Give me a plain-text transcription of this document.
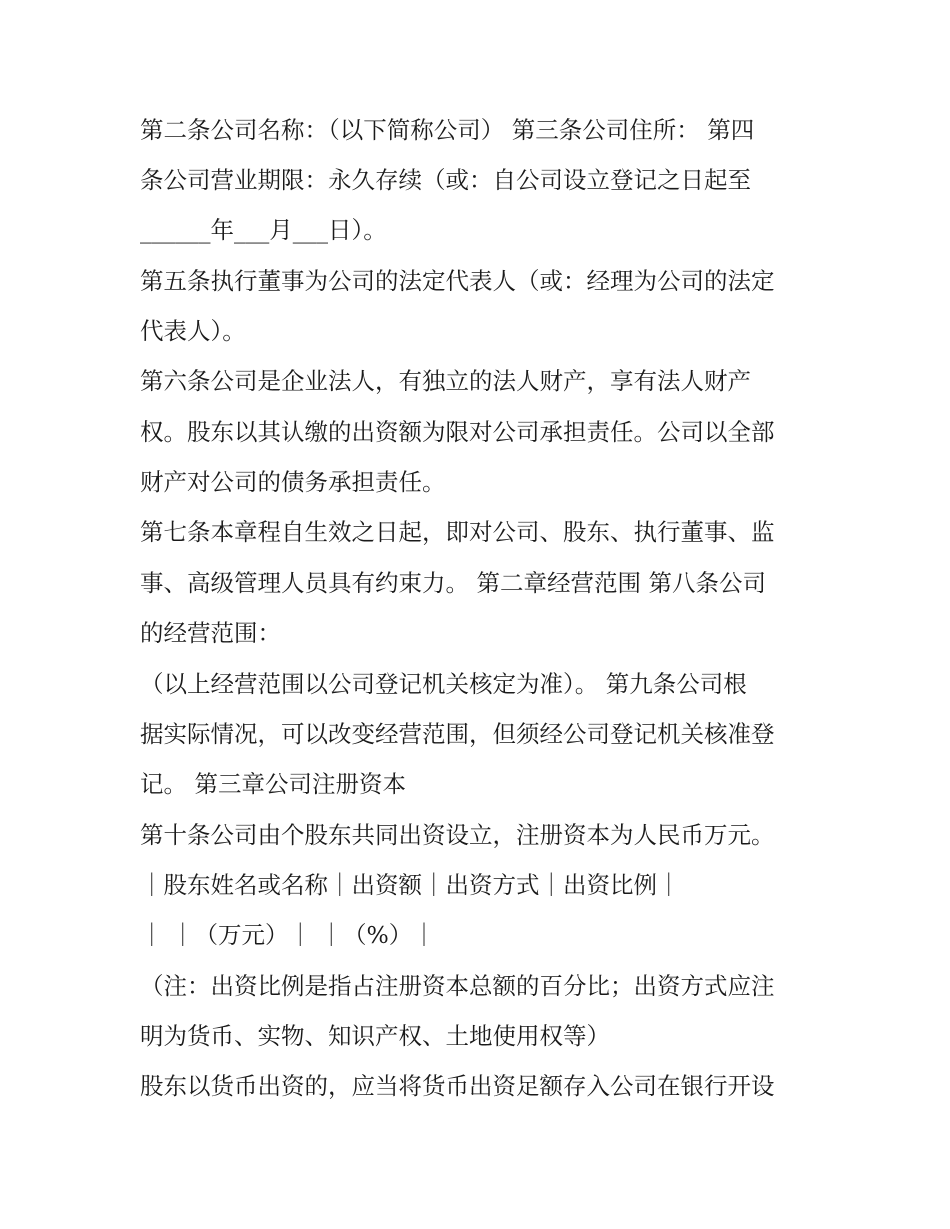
第二条公司名称：（以下简称公司） 第三条公司住所： 第四
条公司营业期限：永久存续（或：自公司设立登记之日起至
______年___月___日）。
第五条执行董事为公司的法定代表人（或：经理为公司的法定
代表人）。
第六条公司是企业法人，有独立的法人财产，享有法人财产
权。股东以其认缴的出资额为限对公司承担责任。公司以全部
财产对公司的债务承担责任。
第七条本章程自生效之日起，即对公司、股东、执行董事、监
事、高级管理人员具有约束力。 第二章经营范围 第八条公司
的经营范围：
（以上经营范围以公司登记机关核定为准）。 第九条公司根
据实际情况，可以改变经营范围，但须经公司登记机关核准登
记。 第三章公司注册资本
第十条公司由个股东共同出资设立，注册资本为人民币万元。
｜股东姓名或名称｜出资额｜出资方式｜出资比例｜
｜ ｜（万元）｜ ｜（%）｜
（注：出资比例是指占注册资本总额的百分比；出资方式应注
明为货币、实物、知识产权、土地使用权等）
股东以货币出资的，应当将货币出资足额存入公司在银行开设
